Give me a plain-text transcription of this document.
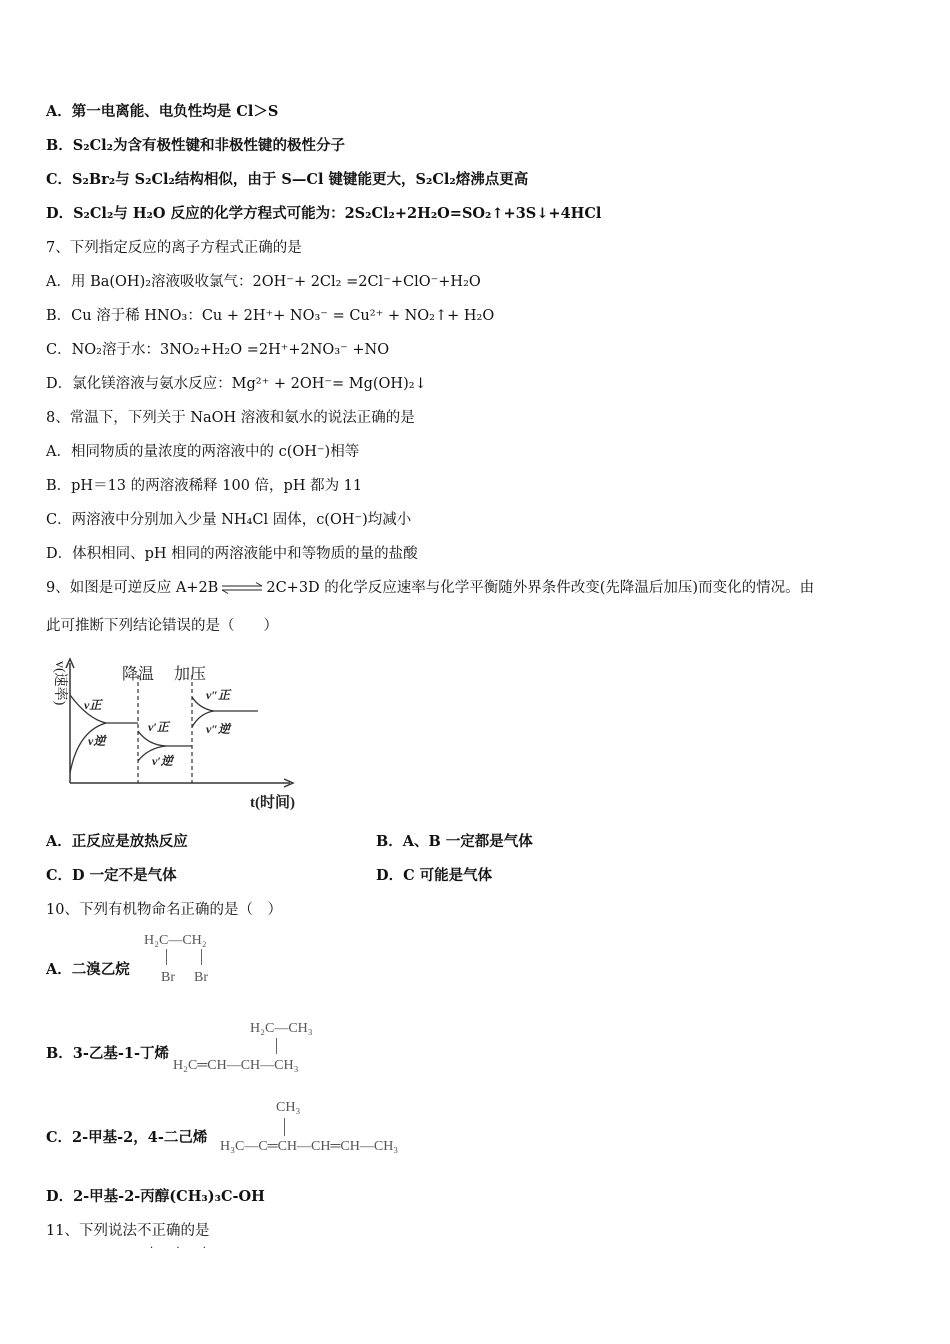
A．第一电离能、电负性均是 Cl＞S
B．S₂Cl₂为含有极性键和非极性键的极性分子
C．S₂Br₂与 S₂Cl₂结构相似，由于 S—Cl 键键能更大，S₂Cl₂熔沸点更高
D．S₂Cl₂与 H₂O 反应的化学方程式可能为：2S₂Cl₂+2H₂O=SO₂↑+3S↓+4HCl
7、下列指定反应的离子方程式正确的是
A．用 Ba(OH)₂溶液吸收氯气：2OH⁻+ 2Cl₂ =2Cl⁻+ClO⁻+H₂O
B．Cu 溶于稀 HNO₃：Cu + 2H⁺+ NO₃⁻ = Cu²⁺ + NO₂↑+ H₂O
C．NO₂溶于水：3NO₂+H₂O =2H⁺+2NO₃⁻ +NO
D．氯化镁溶液与氨水反应：Mg²⁺ + 2OH⁻= Mg(OH)₂↓
8、常温下，下列关于 NaOH 溶液和氨水的说法正确的是
A．相同物质的量浓度的两溶液中的 c(OH⁻)相等
B．pH＝13 的两溶液稀释 100 倍，pH 都为 11
C．两溶液中分别加入少量 NH₄Cl 固体，c(OH⁻)均减小
D．体积相同、pH 相同的两溶液能中和等物质的量的盐酸
9、如图是可逆反应 A+2B ⇌ 2C+3D 的化学反应速率与化学平衡随外界条件改变(先降温后加压)而变化的情况。由
此可推断下列结论错误的是（　　）
v(速率)	降温 加压
v正
v逆
v′正
v′逆
v″正
v″逆
t(时间)
A．正反应是放热反应	B．A、B 一定都是气体
C．D 一定不是气体	D．C 可能是气体
10、下列有机物命名正确的是（　）
A．二溴乙烷
H₂C—CH₂
Br Br
B．3-乙基-1-丁烯
H₂C—CH₃
H₂C═CH—CH—CH₃
C．2-甲基-2，4-二己烯
CH₃
H₃C—C═CH—CH═CH—CH₃
D．2-甲基-2-丙醇(CH₃)₃C-OH
11、下列说法不正确的是
· · ·
